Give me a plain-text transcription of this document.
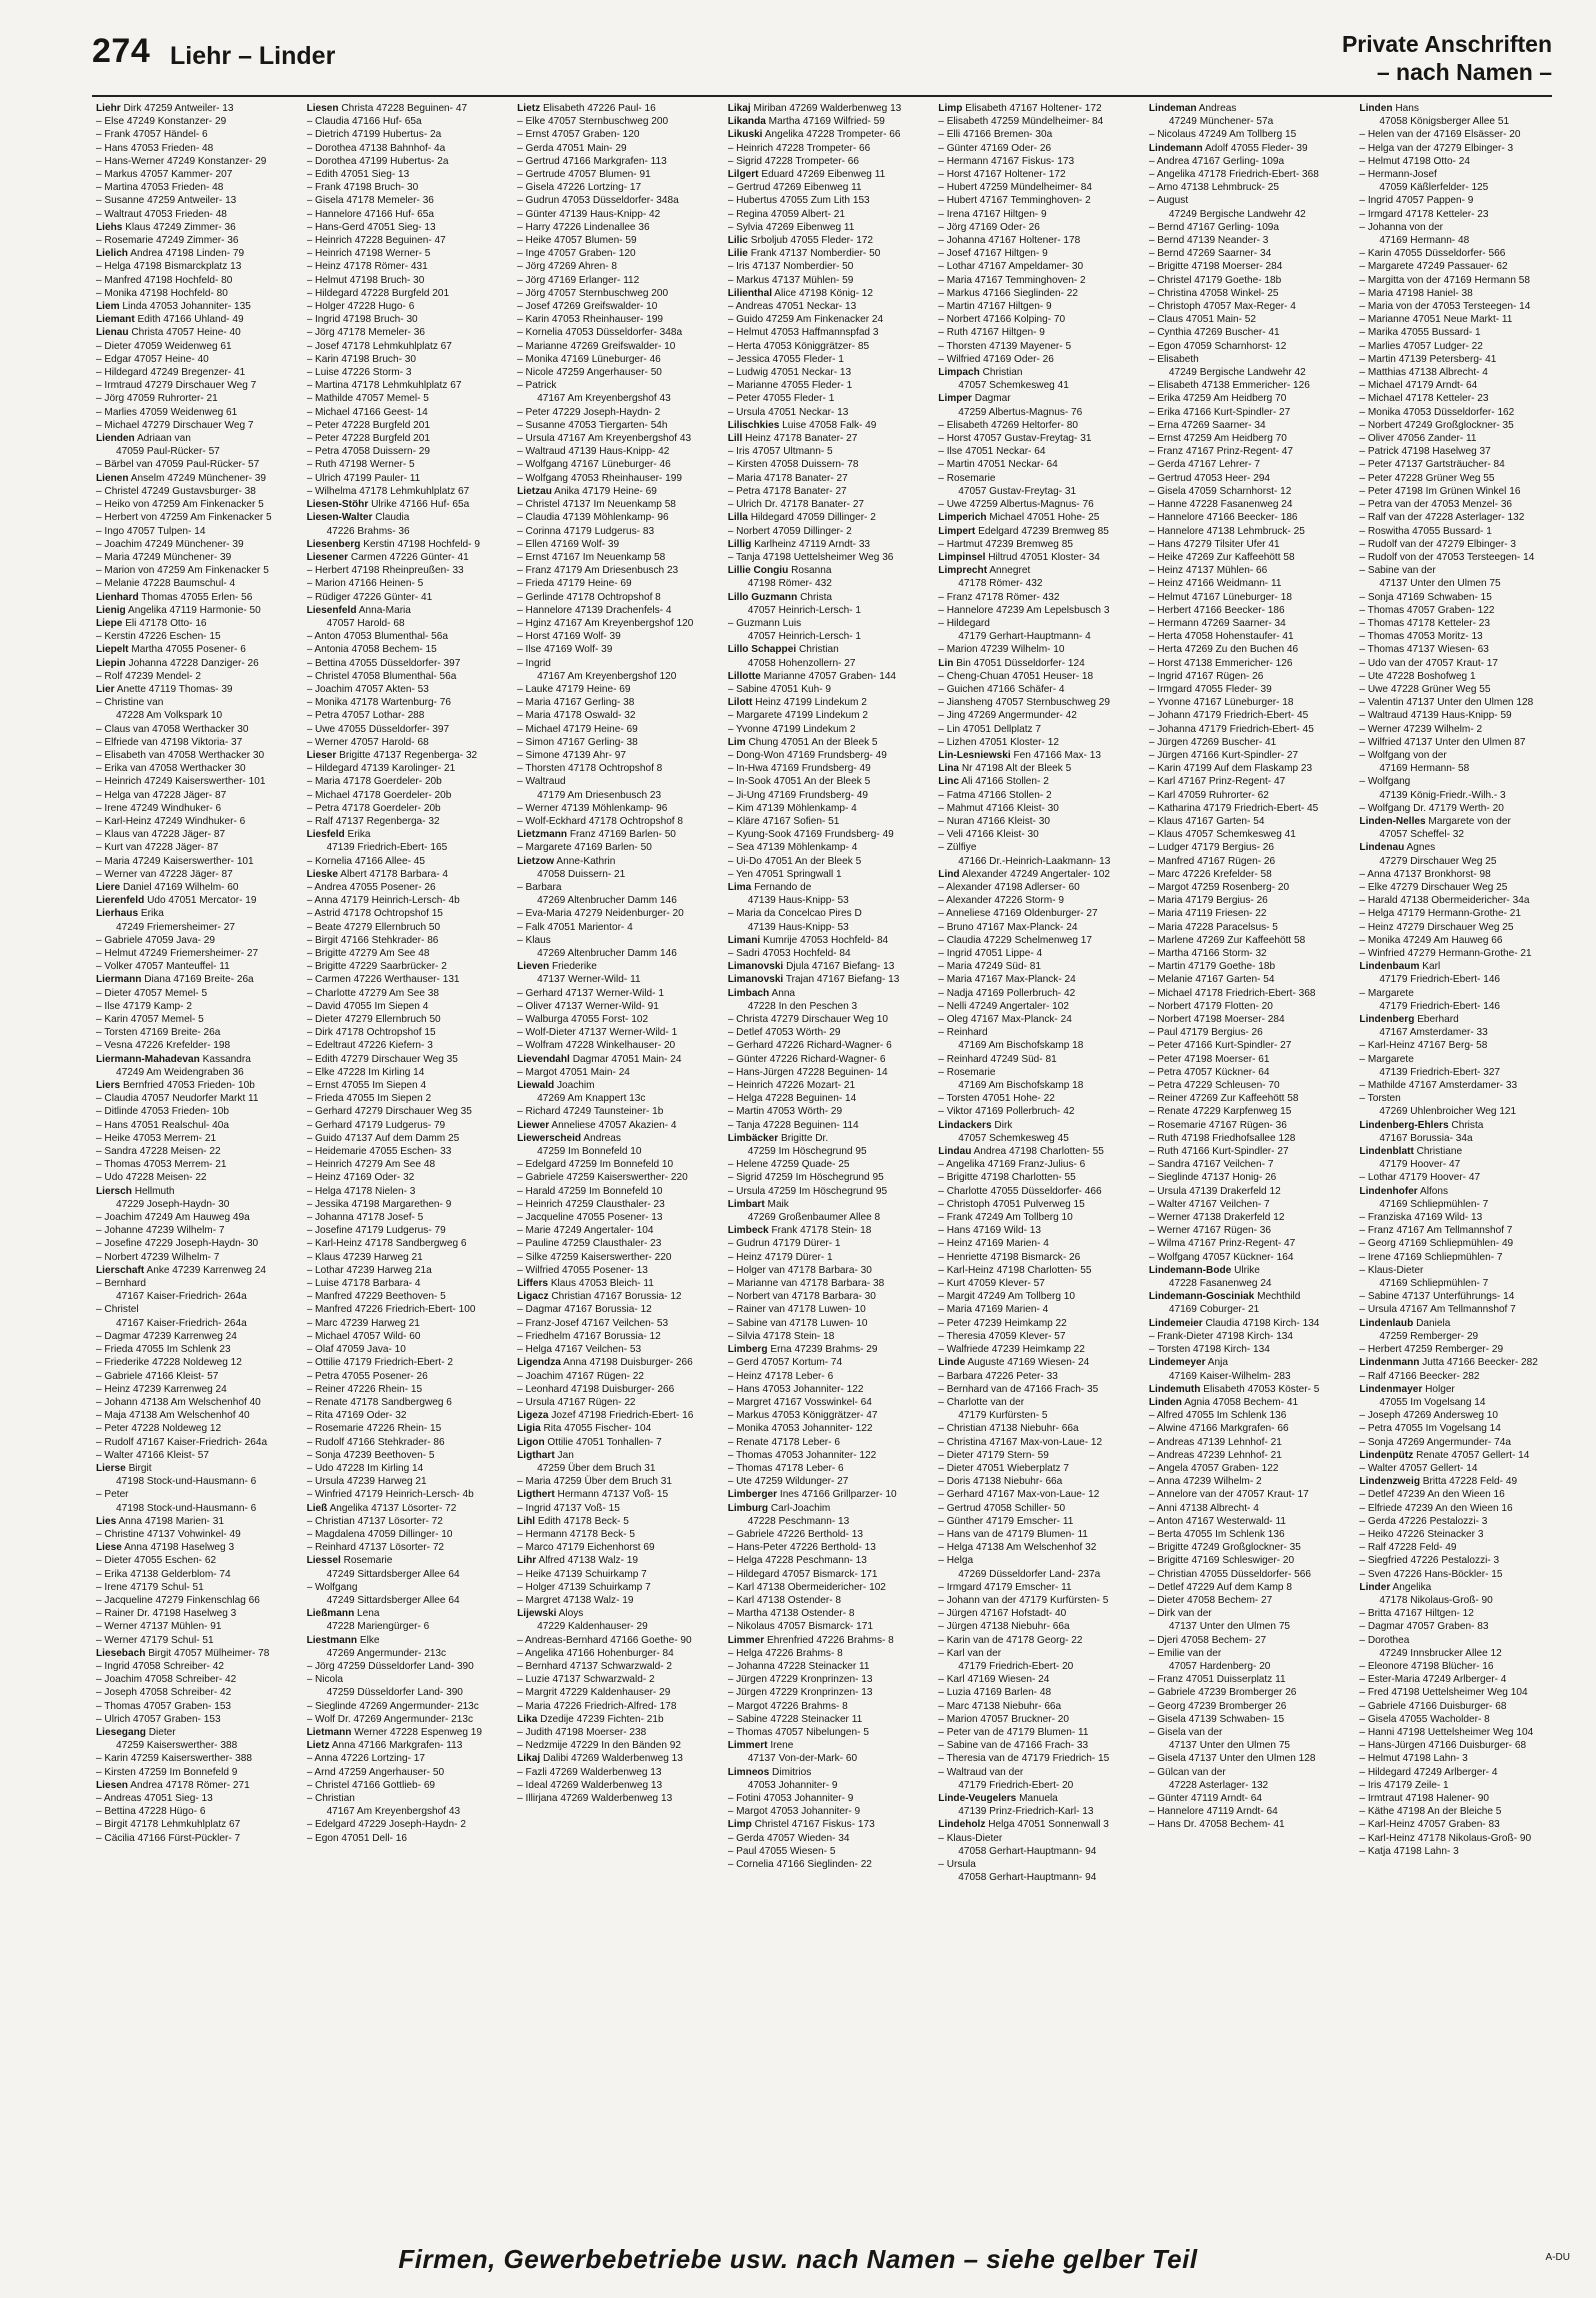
274 Liehr – Linder	Private Anschriften
– nach Namen –
Liehr Dirk 47259 Antweiler- 13
– Else 47249 Konstanzer- 29
– Frank 47057 Händel- 6
– Hans 47053 Frieden- 48
– Hans-Werner 47249 Konstanzer- 29
– Markus 47057 Kammer- 207
– Martina 47053 Frieden- 48
– Susanne 47259 Antweiler- 13
– Waltraut 47053 Frieden- 48
Liehs Klaus 47249 Zimmer- 36
– Rosemarie 47249 Zimmer- 36
Lielich Andrea 47198 Linden- 79
– Helga 47198 Bismarckplatz 13
– Manfred 47198 Hochfeld- 80
– Monika 47198 Hochfeld- 80
Liem Linda 47053 Johanniter- 135
Liemant Edith 47166 Uhland- 49
Lienau Christa 47057 Heine- 40
– Dieter 47059 Weidenweg 61
– Edgar 47057 Heine- 40
– Hildegard 47249 Bregenzer- 41
– Irmtraud 47279 Dirschauer Weg 7
– Jörg 47059 Ruhrorter- 21
– Marlies 47059 Weidenweg 61
– Michael 47279 Dirschauer Weg 7
Lienden Adriaan van
47059 Paul-Rücker- 57
– Bärbel van 47059 Paul-Rücker- 57
Lienen Anselm 47249 Münchener- 39
– Christel 47249 Gustavsburger- 38
– Heiko von 47259 Am Finkenacker 5
– Herbert von 47259 Am Finkenacker 5
– Ingo 47057 Tulpen- 14
– Joachim 47249 Münchener- 39
– Maria 47249 Münchener- 39
– Marion von 47259 Am Finkenacker 5
– Melanie 47228 Baumschul- 4
Lienhard Thomas 47055 Erlen- 56
Lienig Angelika 47119 Harmonie- 50
Liepe Eli 47178 Otto- 16
– Kerstin 47226 Eschen- 15
Liepelt Martha 47055 Posener- 6
Liepin Johanna 47228 Danziger- 26
– Rolf 47239 Mendel- 2
Lier Anette 47119 Thomas- 39
– Christine van
47228 Am Volkspark 10
– Claus van 47058 Werthacker 30
– Elfriede van 47198 Viktoria- 37
– Elisabeth van 47058 Werthacker 30
– Erika van 47058 Werthacker 30
– Heinrich 47249 Kaiserswerther- 101
– Helga van 47228 Jäger- 87
– Irene 47249 Windhuker- 6
– Karl-Heinz 47249 Windhuker- 6
– Klaus van 47228 Jäger- 87
– Kurt van 47228 Jäger- 87
– Maria 47249 Kaiserswerther- 101
– Werner van 47228 Jäger- 87
Liere Daniel 47169 Wilhelm- 60
Lierenfeld Udo 47051 Mercator- 19
Lierhaus Erika
47249 Friemersheimer- 27
– Gabriele 47059 Java- 29
– Helmut 47249 Friemersheimer- 27
– Volker 47057 Manteuffel- 11
Liermann Diana 47169 Breite- 26a
– Dieter 47057 Memel- 5
– Ilse 47179 Kamp- 2
– Karin 47057 Memel- 5
– Torsten 47169 Breite- 26a
– Vesna 47226 Krefelder- 198
Liermann-Mahadevan Kassandra
47249 Am Weidengraben 36
Liers Bernfried 47053 Frieden- 10b
– Claudia 47057 Neudorfer Markt 11
– Ditlinde 47053 Frieden- 10b
– Hans 47051 Realschul- 40a
– Heike 47053 Merrem- 21
– Sandra 47228 Meisen- 22
– Thomas 47053 Merrem- 21
– Udo 47228 Meisen- 22
Liersch Hellmuth
47229 Joseph-Haydn- 30
– Joachim 47249 Am Hauweg 49a
– Johanne 47239 Wilhelm- 7
– Josefine 47229 Joseph-Haydn- 30
– Norbert 47239 Wilhelm- 7
Lierschaft Anke 47239 Karrenweg 24
– Bernhard
47167 Kaiser-Friedrich- 264a
– Christel
47167 Kaiser-Friedrich- 264a
– Dagmar 47239 Karrenweg 24
– Frieda 47055 Im Schlenk 23
– Friederike 47228 Noldeweg 12
– Gabriele 47166 Kleist- 57
– Heinz 47239 Karrenweg 24
– Johann 47138 Am Welschenhof 40
– Maja 47138 Am Welschenhof 40
– Peter 47228 Noldeweg 12
– Rudolf 47167 Kaiser-Friedrich- 264a
– Walter 47166 Kleist- 57
Lierse Birgit
47198 Stock-und-Hausmann- 6
– Peter
47198 Stock-und-Hausmann- 6
Lies Anna 47198 Marien- 31
– Christine 47137 Vohwinkel- 49
Liese Anna 47198 Haselweg 3
– Dieter 47055 Eschen- 62
– Erika 47138 Gelderblom- 74
– Irene 47179 Schul- 51
– Jacqueline 47279 Finkenschlag 66
– Rainer Dr. 47198 Haselweg 3
– Werner 47137 Mühlen- 91
– Werner 47179 Schul- 51
Liesebach Birgit 47057 Mülheimer- 78
– Ingrid 47058 Schreiber- 42
– Joachim 47058 Schreiber- 42
– Joseph 47058 Schreiber- 42
– Thomas 47057 Graben- 153
– Ulrich 47057 Graben- 153
Liesegang Dieter
47259 Kaiserswerther- 388
– Karin 47259 Kaiserswerther- 388
– Kirsten 47259 Im Bonnefeld 9
Liesen Andrea 47178 Römer- 271
– Andreas 47051 Sieg- 13
– Bettina 47228 Hügo- 6
– Birgit 47178 Lehmkuhlplatz 67
– Cäcilia 47166 Fürst-Pückler- 7
Liesen Christa 47228 Beguinen- 47
– Claudia 47166 Huf- 65a
– Dietrich 47199 Hubertus- 2a
– Dorothea 47138 Bahnhof- 4a
– Dorothea 47199 Hubertus- 2a
– Edith 47051 Sieg- 13
– Frank 47198 Bruch- 30
– Gisela 47178 Memeler- 36
– Hannelore 47166 Huf- 65a
– Hans-Gerd 47051 Sieg- 13
– Heinrich 47228 Beguinen- 47
– Heinrich 47198 Werner- 5
– Heinz 47178 Römer- 431
– Helmut 47198 Bruch- 30
– Hildegard 47228 Burgfeld 201
– Holger 47228 Hugo- 6
– Ingrid 47198 Bruch- 30
– Jörg 47178 Memeler- 36
– Josef 47178 Lehmkuhlplatz 67
– Karin 47198 Bruch- 30
– Luise 47226 Storm- 3
– Martina 47178 Lehmkuhlplatz 67
– Mathilde 47057 Memel- 5
– Michael 47166 Geest- 14
– Peter 47228 Burgfeld 201
– Peter 47228 Burgfeld 201
– Petra 47058 Duissern- 29
– Ruth 47198 Werner- 5
– Ulrich 47199 Pauler- 11
– Wilhelma 47178 Lehmkuhlplatz 67
Liesen-Stöhr Ulrike 47166 Huf- 65a
Liesen-Walter Claudia
47226 Brahms- 36
Liesenberg Kerstin 47198 Hochfeld- 9
Liesener Carmen 47226 Günter- 41
– Herbert 47198 Rheinpreußen- 33
– Marion 47166 Heinen- 5
– Rüdiger 47226 Günter- 41
Liesenfeld Anna-Maria
47057 Harold- 68
– Anton 47053 Blumenthal- 56a
– Antonia 47058 Bechem- 15
– Bettina 47055 Düsseldorfer- 397
– Christel 47058 Blumenthal- 56a
– Joachim 47057 Akten- 53
– Monika 47178 Wartenburg- 76
– Petra 47057 Lothar- 288
– Uwe 47055 Düsseldorfer- 397
– Werner 47057 Harold- 68
Lieser Brigitte 47137 Regenberga- 32
– Hildegard 47139 Karolinger- 21
– Maria 47178 Goerdeler- 20b
– Michael 47178 Goerdeler- 20b
– Petra 47178 Goerdeler- 20b
– Ralf 47137 Regenberga- 32
Liesfeld Erika
47139 Friedrich-Ebert- 165
– Kornelia 47166 Allee- 45
Lieske Albert 47178 Barbara- 4
– Andrea 47055 Posener- 26
– Anna 47179 Heinrich-Lersch- 4b
– Astrid 47178 Ochtropshof 15
– Beate 47279 Ellernbruch 50
– Birgit 47166 Stehkrader- 86
– Brigitte 47279 Am See 48
– Brigitte 47229 Saarbrücker- 2
– Carmen 47226 Werthauser- 131
– Charlotte 47279 Am See 38
– David 47055 Im Siepen 4
– Dieter 47279 Ellernbruch 50
– Dirk 47178 Ochtropshof 15
– Edeltraut 47226 Kiefern- 3
– Edith 47279 Dirschauer Weg 35
– Elke 47228 Im Kirling 14
– Ernst 47055 Im Siepen 4
– Frieda 47055 Im Siepen 2
– Gerhard 47279 Dirschauer Weg 35
– Gerhard 47179 Ludgerus- 79
– Guido 47137 Auf dem Damm 25
– Heidemarie 47055 Eschen- 33
– Heinrich 47279 Am See 48
– Heinz 47169 Oder- 32
– Helga 47178 Nielen- 3
– Jessika 47198 Margarethen- 9
– Johanna 47178 Josef- 5
– Josefine 47179 Ludgerus- 79
– Karl-Heinz 47178 Sandbergweg 6
– Klaus 47239 Harweg 21
– Lothar 47239 Harweg 21a
– Luise 47178 Barbara- 4
– Manfred 47229 Beethoven- 5
– Manfred 47226 Friedrich-Ebert- 100
– Marc 47239 Harweg 21
– Michael 47057 Wild- 60
– Olaf 47059 Java- 10
– Ottilie 47179 Friedrich-Ebert- 2
– Petra 47055 Posener- 26
– Reiner 47226 Rhein- 15
– Renate 47178 Sandbergweg 6
– Rita 47169 Oder- 32
– Rosemarie 47226 Rhein- 15
– Rudolf 47166 Stehkrader- 86
– Sonja 47239 Beethoven- 5
– Udo 47228 Im Kirling 14
– Ursula 47239 Harweg 21
– Winfried 47179 Heinrich-Lersch- 4b
Ließ Angelika 47137 Lösorter- 72
– Christian 47137 Lösorter- 72
– Magdalena 47059 Dillinger- 10
– Reinhard 47137 Lösorter- 72
Liessel Rosemarie
47249 Sittardsberger Allee 64
– Wolfgang
47249 Sittardsberger Allee 64
Ließmann Lena
47228 Mariengürger- 6
Liestmann Elke
47269 Angermunder- 213c
– Jörg 47259 Düsseldorfer Land- 390
– Nicola
47259 Düsseldorfer Land- 390
– Sieglinde 47269 Angermunder- 213c
– Wolf Dr. 47269 Angermunder- 213c
Lietmann Werner 47228 Espenweg 19
Lietz Anna 47166 Markgrafen- 113
– Anna 47226 Lortzing- 17
– Arnd 47259 Angerhauser- 50
– Christel 47166 Gottlieb- 69
– Christian
47167 Am Kreyenbergshof 43
– Edelgard 47229 Joseph-Haydn- 2
– Egon 47051 Dell- 16
Lietz Elisabeth 47226 Paul- 16
– Elke 47057 Sternbuschweg 200
– Ernst 47057 Graben- 120
– Gerda 47051 Main- 29
– Gertrud 47166 Markgrafen- 113
– Gertrude 47057 Blumen- 91
– Gisela 47226 Lortzing- 17
– Gudrun 47053 Düsseldorfer- 348a
– Günter 47139 Haus-Knipp- 42
– Harry 47226 Lindenallee 36
– Heike 47057 Blumen- 59
– Inge 47057 Graben- 120
– Jörg 47269 Ahren- 8
– Jörg 47169 Erlanger- 112
– Jörg 47057 Sternbuschweg 200
– Josef 47269 Greifswalder- 10
– Karin 47053 Rheinhauser- 199
– Kornelia 47053 Düsseldorfer- 348a
– Marianne 47269 Greifswalder- 10
– Monika 47169 Lüneburger- 46
– Nicole 47259 Angerhauser- 50
– Patrick
47167 Am Kreyenbergshof 43
– Peter 47229 Joseph-Haydn- 2
– Susanne 47053 Tiergarten- 54h
– Ursula 47167 Am Kreyenbergshof 43
– Waltraud 47139 Haus-Knipp- 42
– Wolfgang 47167 Lüneburger- 46
– Wolfgang 47053 Rheinhauser- 199
Lietzau Anika 47179 Heine- 69
– Christel 47137 Im Neuenkamp 58
– Claudia 47139 Möhlenkamp- 96
– Corinna 47179 Ludgerus- 83
– Ellen 47169 Wolf- 39
– Ernst 47167 Im Neuenkamp 58
– Franz 47179 Am Driesenbusch 23
– Frieda 47179 Heine- 69
– Gerlinde 47178 Ochtropshof 8
– Hannelore 47139 Drachenfels- 4
– Hginz 47167 Am Kreyenbergshof 120
– Horst 47169 Wolf- 39
– Ilse 47169 Wolf- 39
– Ingrid
47167 Am Kreyenbergshof 120
– Lauke 47179 Heine- 69
– Maria 47167 Gerling- 38
– Maria 47178 Oswald- 32
– Michael 47179 Heine- 69
– Simon 47167 Gerling- 38
– Simone 47139 Ahr- 97
– Thorsten 47178 Ochtropshof 8
– Waltraud
47179 Am Driesenbusch 23
– Werner 47139 Möhlenkamp- 96
– Wolf-Eckhard 47178 Ochtropshof 8
Lietzmann Franz 47169 Barlen- 50
– Margarete 47169 Barlen- 50
Lietzow Anne-Kathrin
47058 Duissern- 21
– Barbara
47269 Altenbrucher Damm 146
– Eva-Maria 47279 Neidenburger- 20
– Falk 47051 Marientor- 4
– Klaus
47269 Altenbrucher Damm 146
Lieven Friederike
47137 Werner-Wild- 11
– Gerhard 47137 Werner-Wild- 1
– Oliver 47137 Werner-Wild- 91
– Walburga 47055 Forst- 102
– Wolf-Dieter 47137 Werner-Wild- 1
– Wolfram 47228 Winkelhauser- 20
Lievendahl Dagmar 47051 Main- 24
– Margot 47051 Main- 24
Liewald Joachim
47269 Am Knappert 13c
– Richard 47249 Taunsteiner- 1b
Liewer Anneliese 47057 Akazien- 4
Liewerscheid Andreas
47259 Im Bonnefeld 10
– Edelgard 47259 Im Bonnefeld 10
– Gabriele 47259 Kaiserswerther- 220
– Harald 47259 Im Bonnefeld 10
– Heinrich 47259 Clausthaler- 23
– Jacqueline 47055 Posener- 13
– Marie 47249 Angertaler- 104
– Pauline 47259 Clausthaler- 23
– Silke 47259 Kaiserswerther- 220
– Wilfried 47055 Posener- 13
Liffers Klaus 47053 Bleich- 11
Ligacz Christian 47167 Borussia- 12
– Dagmar 47167 Borussia- 12
– Franz-Josef 47167 Veilchen- 53
– Friedhelm 47167 Borussia- 12
– Helga 47167 Veilchen- 53
Ligendza Anna 47198 Duisburger- 266
– Joachim 47167 Rügen- 22
– Leonhard 47198 Duisburger- 266
– Ursula 47167 Rügen- 22
Ligeza Jozef 47198 Friedrich-Ebert- 16
Ligia Rita 47055 Fischer- 104
Ligon Ottilie 47051 Tonhallen- 7
Ligthart Jan
47259 Über dem Bruch 31
– Maria 47259 Über dem Bruch 31
Ligthert Hermann 47137 Voß- 15
– Ingrid 47137 Voß- 15
Lihl Edith 47178 Beck- 5
– Hermann 47178 Beck- 5
– Marco 47179 Eichenhorst 69
Lihr Alfred 47138 Walz- 19
– Heike 47139 Schuirkamp 7
– Holger 47139 Schuirkamp 7
– Margret 47138 Walz- 19
Lijewski Aloys
47229 Kaldenhauser- 29
– Andreas-Bernhard 47166 Goethe- 90
– Angelika 47166 Hohenburger- 84
– Bernhard 47137 Schwarzwald- 2
– Luzie 47137 Schwarzwald- 2
– Margrit 47229 Kaldenhauser- 29
– Maria 47226 Friedrich-Alfred- 178
Lika Dzedije 47239 Fichten- 21b
– Judith 47198 Moerser- 238
– Nedzmije 47229 In den Bänden 92
Likaj Dalibi 47269 Walderbenweg 13
– Fazli 47269 Walderbenweg 13
– Ideal 47269 Walderbenweg 13
– Illirjana 47269 Walderbenweg 13
Likaj Miriban 47269 Walderbenweg 13
Likanda Martha 47169 Wilfried- 59
Likuski Angelika 47228 Trompeter- 66
– Heinrich 47228 Trompeter- 66
– Sigrid 47228 Trompeter- 66
Lilgert Eduard 47269 Eibenweg 11
– Gertrud 47269 Eibenweg 11
– Hubertus 47055 Zum Lith 153
– Regina 47059 Albert- 21
– Sylvia 47269 Eibenweg 11
Lilic Srboljub 47055 Fleder- 172
Lilie Frank 47137 Nomberdier- 50
– Iris 47137 Nomberdier- 50
– Markus 47137 Mühlen- 59
Lilienthal Alice 47198 König- 12
– Andreas 47051 Neckar- 13
– Guido 47259 Am Finkenacker 24
– Helmut 47053 Haffmannspfad 3
– Herta 47053 Königgrätzer- 85
– Jessica 47055 Fleder- 1
– Ludwig 47051 Neckar- 13
– Marianne 47055 Fleder- 1
– Peter 47055 Fleder- 1
– Ursula 47051 Neckar- 13
Lilischkies Luise 47058 Falk- 49
Lill Heinz 47178 Banater- 27
– Iris 47057 Ultmann- 5
– Kirsten 47058 Duissern- 78
– Maria 47178 Banater- 27
– Petra 47178 Banater- 27
– Ulrich Dr. 47178 Banater- 27
Lilla Hildegard 47059 Dillinger- 2
– Norbert 47059 Dillinger- 2
Lillig Karlheinz 47119 Arndt- 33
– Tanja 47198 Uettelsheimer Weg 36
Lillie Congiu Rosanna
47198 Römer- 432
Lillo Guzmann Christa
47057 Heinrich-Lersch- 1
– Guzmann Luis
47057 Heinrich-Lersch- 1
Lillo Schappei Christian
47058 Hohenzollern- 27
Lillotte Marianne 47057 Graben- 144
– Sabine 47051 Kuh- 9
Lilott Heinz 47199 Lindekum 2
– Margarete 47199 Lindekum 2
– Yvonne 47199 Lindekum 2
Lim Chung 47051 An der Bleek 5
– Dong-Won 47169 Frundsberg- 49
– In-Hwa 47169 Frundsberg- 49
– In-Sook 47051 An der Bleek 5
– Ji-Ung 47169 Frundsberg- 49
– Kim 47139 Möhlenkamp- 4
– Kläre 47167 Sofien- 51
– Kyung-Sook 47169 Frundsberg- 49
– Sea 47139 Möhlenkamp- 4
– Ui-Do 47051 An der Bleek 5
– Yen 47051 Springwall 1
Lima Fernando de
47139 Haus-Knipp- 53
– Maria da Concelcao Pires D
47139 Haus-Knipp- 53
Limani Kumrije 47053 Hochfeld- 84
– Sadri 47053 Hochfeld- 84
Limanovski Djula 47167 Biefang- 13
Limanovski Trajan 47167 Biefang- 13
Limbach Anna
47228 In den Peschen 3
– Christa 47279 Dirschauer Weg 10
– Detlef 47053 Wörth- 29
– Gerhard 47226 Richard-Wagner- 6
– Günter 47226 Richard-Wagner- 6
– Hans-Jürgen 47228 Beguinen- 14
– Heinrich 47226 Mozart- 21
– Helga 47228 Beguinen- 14
– Martin 47053 Wörth- 29
– Tanja 47228 Beguinen- 114
Limbäcker Brigitte Dr.
47259 Im Höschegrund 95
– Helene 47259 Quade- 25
– Sigrid 47259 Im Höschegrund 95
– Ursula 47259 Im Höschegrund 95
Limbart Maik
47269 Großenbaumer Allee 8
Limbeck Frank 47178 Stein- 18
– Gudrun 47179 Dürer- 1
– Heinz 47179 Dürer- 1
– Holger van 47178 Barbara- 30
– Marianne van 47178 Barbara- 38
– Norbert van 47178 Barbara- 30
– Rainer van 47178 Luwen- 10
– Sabine van 47178 Luwen- 10
– Silvia 47178 Stein- 18
Limberg Erna 47239 Brahms- 29
– Gerd 47057 Kortum- 74
– Heinz 47178 Leber- 6
– Hans 47053 Johanniter- 122
– Margret 47167 Vosswinkel- 64
– Markus 47053 Königgrätzer- 47
– Monika 47053 Johanniter- 122
– Renate 47178 Leber- 6
– Thomas 47053 Johanniter- 122
– Thomas 47178 Leber- 6
– Ute 47259 Wildunger- 27
Limberger Ines 47166 Grillparzer- 10
Limburg Carl-Joachim
47228 Peschmann- 13
– Gabriele 47226 Berthold- 13
– Hans-Peter 47226 Berthold- 13
– Helga 47228 Peschmann- 13
– Hildegard 47057 Bismarck- 171
– Karl 47138 Obermeidericher- 102
– Karl 47138 Ostender- 8
– Martha 47138 Ostender- 8
– Nikolaus 47057 Bismarck- 171
Limmer Ehrenfried 47226 Brahms- 8
– Helga 47226 Brahms- 8
– Johanna 47228 Steinacker 11
– Jürgen 47229 Kronprinzen- 13
– Jürgen 47229 Kronprinzen- 13
– Margot 47226 Brahms- 8
– Sabine 47228 Steinacker 11
– Thomas 47057 Nibelungen- 5
Limmert Irene
47137 Von-der-Mark- 60
Limneos Dimitrios
47053 Johanniter- 9
– Fotini 47053 Johanniter- 9
– Margot 47053 Johanniter- 9
Limp Christel 47167 Fiskus- 173
– Gerda 47057 Wieden- 34
– Paul 47055 Wiesen- 5
– Cornelia 47166 Sieglinden- 22
Limp Elisabeth 47167 Holtener- 172
– Elisabeth 47259 Mündelheimer- 84
– Elli 47166 Bremen- 30a
– Günter 47169 Oder- 26
– Hermann 47167 Fiskus- 173
– Horst 47167 Holtener- 172
– Hubert 47259 Mündelheimer- 84
– Hubert 47167 Temminghoven- 2
– Irena 47167 Hiltgen- 9
– Jörg 47169 Oder- 26
– Johanna 47167 Holtener- 178
– Josef 47167 Hiltgen- 9
– Lothar 47167 Ampeldamer- 30
– Maria 47167 Temminghoven- 2
– Markus 47166 Sieglinden- 22
– Martin 47167 Hiltgen- 9
– Norbert 47166 Kolping- 70
– Ruth 47167 Hiltgen- 9
– Thorsten 47139 Mayener- 5
– Wilfried 47169 Oder- 26
Limpach Christian
47057 Schemkesweg 41
Limper Dagmar
47259 Albertus-Magnus- 76
– Elisabeth 47269 Heltorfer- 80
– Horst 47057 Gustav-Freytag- 31
– Ilse 47051 Neckar- 64
– Martin 47051 Neckar- 64
– Rosemarie
47057 Gustav-Freytag- 31
– Uwe 47259 Albertus-Magnus- 76
Limperich Michael 47051 Hohe- 25
Limpert Edelgard 47239 Bremweg 85
– Hartmut 47239 Bremweg 85
Limpinsel Hiltrud 47051 Kloster- 34
Limprecht Annegret
47178 Römer- 432
– Franz 47178 Römer- 432
– Hannelore 47239 Am Lepelsbusch 3
– Hildegard
47179 Gerhart-Hauptmann- 4
– Marion 47239 Wilhelm- 10
Lin Bin 47051 Düsseldorfer- 124
– Cheng-Chuan 47051 Heuser- 18
– Guichen 47166 Schäfer- 4
– Jiansheng 47057 Sternbuschweg 29
– Jing 47269 Angermunder- 42
– Lin 47051 Dellplatz 7
– Lizhen 47051 Kloster- 12
Lin-Lesniewski Fen 47166 Max- 13
Lina Nr 47198 Alt der Bleek 5
Linc Ali 47166 Stollen- 2
– Fatma 47166 Stollen- 2
– Mahmut 47166 Kleist- 30
– Nuran 47166 Kleist- 30
– Veli 47166 Kleist- 30
– Zülfiye
47166 Dr.-Heinrich-Laakmann- 13
Lind Alexander 47249 Angertaler- 102
– Alexander 47198 Adlerser- 60
– Alexander 47226 Storm- 9
– Anneliese 47169 Oldenburger- 27
– Bruno 47167 Max-Planck- 24
– Claudia 47229 Schelmenweg 17
– Ingrid 47051 Lippe- 4
– Maria 47249 Süd- 81
– Maria 47167 Max-Planck- 24
– Nadja 47169 Pollerbruch- 42
– Nelli 47249 Angertaler- 102
– Oleg 47167 Max-Planck- 24
– Reinhard
47169 Am Bischofskamp 18
– Reinhard 47249 Süd- 81
– Rosemarie
47169 Am Bischofskamp 18
– Torsten 47051 Hohe- 22
– Viktor 47169 Pollerbruch- 42
Lindackers Dirk
47057 Schemkesweg 45
Lindau Andrea 47198 Charlotten- 55
– Angelika 47169 Franz-Julius- 6
– Brigitte 47198 Charlotten- 55
– Charlotte 47055 Düsseldorfer- 466
– Christoph 47051 Pulverweg 15
– Frank 47249 Am Tollberg 10
– Hans 47169 Wild- 13
– Heinz 47169 Marien- 4
– Henriette 47198 Bismarck- 26
– Karl-Heinz 47198 Charlotten- 55
– Kurt 47059 Klever- 57
– Margit 47249 Am Tollberg 10
– Maria 47169 Marien- 4
– Peter 47239 Heimkamp 22
– Theresia 47059 Klever- 57
– Walfriede 47239 Heimkamp 22
Linde Auguste 47169 Wiesen- 24
– Barbara 47226 Peter- 33
– Bernhard van de 47166 Frach- 35
– Charlotte van der
47179 Kurfürsten- 5
– Christian 47138 Niebuhr- 66a
– Christina 47167 Max-von-Laue- 12
– Dieter 47179 Stern- 59
– Dieter 47051 Wieberplatz 7
– Doris 47138 Niebuhr- 66a
– Gerhard 47167 Max-von-Laue- 12
– Gertrud 47058 Schiller- 50
– Günther 47179 Emscher- 11
– Hans van de 47179 Blumen- 11
– Helga 47138 Am Welschenhof 32
– Helga
47269 Düsseldorfer Land- 237a
– Irmgard 47179 Emscher- 11
– Johann van der 47179 Kurfürsten- 5
– Jürgen 47167 Hofstadt- 40
– Jürgen 47138 Niebuhr- 66a
– Karin van de 47178 Georg- 22
– Karl van der
47179 Friedrich-Ebert- 20
– Karl 47169 Wiesen- 24
– Luzia 47169 Barlen- 48
– Marc 47138 Niebuhr- 66a
– Marion 47057 Bruckner- 20
– Peter van de 47179 Blumen- 11
– Sabine van de 47166 Frach- 33
– Theresia van de 47179 Friedrich- 15
– Waltraud van der
47179 Friedrich-Ebert- 20
Linde-Veugelers Manuela
47139 Prinz-Friedrich-Karl- 13
Lindeholz Helga 47051 Sonnenwall 3
– Klaus-Dieter
47058 Gerhart-Hauptmann- 94
– Ursula
47058 Gerhart-Hauptmann- 94
Lindeman Andreas
47249 Münchener- 57a
– Nicolaus 47249 Am Tollberg 15
Lindemann Adolf 47055 Fleder- 39
– Andrea 47167 Gerling- 109a
– Angelika 47178 Friedrich-Ebert- 368
– Arno 47138 Lehmbruck- 25
– August
47249 Bergische Landwehr 42
– Bernd 47167 Gerling- 109a
– Bernd 47139 Neander- 3
– Bernd 47269 Saarner- 34
– Brigitte 47198 Moerser- 284
– Christel 47179 Goethe- 18b
– Christina 47058 Winkel- 25
– Christoph 47057 Max-Reger- 4
– Claus 47051 Main- 52
– Cynthia 47269 Buscher- 41
– Egon 47059 Scharnhorst- 12
– Elisabeth
47249 Bergische Landwehr 42
– Elisabeth 47138 Emmericher- 126
– Erika 47259 Am Heidberg 70
– Erika 47166 Kurt-Spindler- 27
– Erna 47269 Saarner- 34
– Ernst 47259 Am Heidberg 70
– Franz 47167 Prinz-Regent- 47
– Gerda 47167 Lehrer- 7
– Gertrud 47053 Heer- 294
– Gisela 47059 Scharnhorst- 12
– Hanne 47228 Fasanenweg 24
– Hannelore 47166 Beecker- 186
– Hannelore 47138 Lehmbruck- 25
– Hans 47279 Tilsiter Ufer 41
– Heike 47269 Zur Kaffeehött 58
– Heinz 47137 Mühlen- 66
– Heinz 47166 Weidmann- 11
– Helmut 47167 Lüneburger- 18
– Herbert 47166 Beecker- 186
– Hermann 47269 Saarner- 34
– Herta 47058 Hohenstaufer- 41
– Herta 47269 Zu den Buchen 46
– Horst 47138 Emmericher- 126
– Ingrid 47167 Rügen- 26
– Irmgard 47055 Fleder- 39
– Yvonne 47167 Lüneburger- 18
– Johann 47179 Friedrich-Ebert- 45
– Johanna 47179 Friedrich-Ebert- 45
– Jürgen 47269 Buscher- 41
– Jürgen 47166 Kurt-Spindler- 27
– Karin 47199 Auf dem Flaskamp 23
– Karl 47167 Prinz-Regent- 47
– Karl 47059 Ruhrorter- 62
– Katharina 47179 Friedrich-Ebert- 45
– Klaus 47167 Garten- 54
– Klaus 47057 Schemkesweg 41
– Ludger 47179 Bergius- 26
– Manfred 47167 Rügen- 26
– Marc 47226 Krefelder- 58
– Margot 47259 Rosenberg- 20
– Maria 47179 Bergius- 26
– Maria 47119 Friesen- 22
– Maria 47228 Paracelsus- 5
– Marlene 47269 Zur Kaffeehött 58
– Martha 47166 Storm- 32
– Martin 47179 Goethe- 18b
– Melanie 47167 Garten- 54
– Michael 47178 Friedrich-Ebert- 368
– Norbert 47179 Flotten- 20
– Norbert 47198 Moerser- 284
– Paul 47179 Bergius- 26
– Peter 47166 Kurt-Spindler- 27
– Peter 47198 Moerser- 61
– Petra 47057 Kückner- 64
– Petra 47229 Schleusen- 70
– Reiner 47269 Zur Kaffeehött 58
– Renate 47229 Karpfenweg 15
– Rosemarie 47167 Rügen- 36
– Ruth 47198 Friedhofsallee 128
– Ruth 47166 Kurt-Spindler- 27
– Sandra 47167 Veilchen- 7
– Sieglinde 47137 Honig- 26
– Ursula 47139 Drakerfeld 12
– Walter 47167 Veilchen- 7
– Werner 47138 Drakerfeld 12
– Werner 47167 Rügen- 36
– Wilma 47167 Prinz-Regent- 47
– Wolfgang 47057 Kückner- 164
Lindemann-Bode Ulrike
47228 Fasanenweg 24
Lindemann-Gosciniak Mechthild
47169 Coburger- 21
Lindemeier Claudia 47198 Kirch- 134
– Frank-Dieter 47198 Kirch- 134
– Torsten 47198 Kirch- 134
Lindemeyer Anja
47169 Kaiser-Wilhelm- 283
Lindemuth Elisabeth 47053 Köster- 5
Linden Agnia 47058 Bechem- 41
– Alfred 47055 Im Schlenk 136
– Alwine 47166 Markgrafen- 66
– Andreas 47139 Lehnhof- 21
– Andreas 47239 Lehnhof- 21
– Angela 47057 Graben- 122
– Anna 47239 Wilhelm- 2
– Annelore van der 47057 Kraut- 17
– Anni 47138 Albrecht- 4
– Anton 47167 Westerwald- 11
– Berta 47055 Im Schlenk 136
– Brigitte 47249 Großglockner- 35
– Brigitte 47169 Schleswiger- 20
– Christian 47055 Düsseldorfer- 566
– Detlef 47229 Auf dem Kamp 8
– Dieter 47058 Bechem- 27
– Dirk van der
47137 Unter den Ulmen 75
– Djeri 47058 Bechem- 27
– Emilie van der
47057 Hardenberg- 20
– Franz 47051 Duisserplatz 11
– Gabriele 47239 Bromberger 26
– Georg 47239 Bromberger 26
– Gisela 47139 Schwaben- 15
– Gisela van der
47137 Unter den Ulmen 75
– Gisela 47137 Unter den Ulmen 128
– Gülcan van der
47228 Asterlager- 132
– Günter 47119 Arndt- 64
– Hannelore 47119 Arndt- 64
– Hans Dr. 47058 Bechem- 41
Linden Hans
47058 Königsberger Allee 51
– Helen van der 47169 Elsässer- 20
– Helga van der 47279 Elbinger- 3
– Helmut 47198 Otto- 24
– Hermann-Josef
47059 Käßlerfelder- 125
– Ingrid 47057 Pappen- 9
– Irmgard 47178 Ketteler- 23
– Johanna von der
47169 Hermann- 48
– Karin 47055 Düsseldorfer- 566
– Margarete 47249 Passauer- 62
– Margitta von der 47169 Hermann 58
– Maria 47198 Haniel- 38
– Maria von der 47053 Tersteegen- 14
– Marianne 47051 Neue Markt- 11
– Marika 47055 Bussard- 1
– Marlies 47057 Ludger- 22
– Martin 47139 Petersberg- 41
– Matthias 47138 Albrecht- 4
– Michael 47179 Arndt- 64
– Michael 47178 Ketteler- 23
– Monika 47053 Düsseldorfer- 162
– Norbert 47249 Großglockner- 35
– Oliver 47056 Zander- 11
– Patrick 47198 Haselweg 37
– Peter 47137 Gartsträucher- 84
– Peter 47228 Grüner Weg 55
– Peter 47198 Im Grünen Winkel 16
– Petra van der 47053 Menzel- 36
– Ralf van der 47228 Asterlager- 132
– Roswitha 47055 Bussard- 1
– Rudolf van der 47279 Elbinger- 3
– Rudolf von der 47053 Tersteegen- 14
– Sabine van der
47137 Unter den Ulmen 75
– Sonja 47169 Schwaben- 15
– Thomas 47057 Graben- 122
– Thomas 47178 Ketteler- 23
– Thomas 47053 Moritz- 13
– Thomas 47137 Wiesen- 63
– Udo van der 47057 Kraut- 17
– Ute 47228 Boshofweg 1
– Uwe 47228 Grüner Weg 55
– Valentin 47137 Unter den Ulmen 128
– Waltraud 47139 Haus-Knipp- 59
– Werner 47239 Wilhelm- 2
– Wilfried 47137 Unter den Ulmen 87
– Wolfgang von der
47169 Hermann- 58
– Wolfgang
47139 König-Friedr.-Wilh.- 3
– Wolfgang Dr. 47179 Werth- 20
Linden-Nelles Margarete von der
47057 Scheffel- 32
Lindenau Agnes
47279 Dirschauer Weg 25
– Anna 47137 Bronkhorst- 98
– Elke 47279 Dirschauer Weg 25
– Harald 47138 Obermeidericher- 34a
– Helga 47179 Hermann-Grothe- 21
– Heinz 47279 Dirschauer Weg 25
– Monika 47249 Am Hauweg 66
– Winfried 47279 Hermann-Grothe- 21
Lindenbaum Karl
47179 Friedrich-Ebert- 146
– Margarete
47179 Friedrich-Ebert- 146
Lindenberg Eberhard
47167 Amsterdamer- 33
– Karl-Heinz 47167 Berg- 58
– Margarete
47139 Friedrich-Ebert- 327
– Mathilde 47167 Amsterdamer- 33
– Torsten
47269 Uhlenbroicher Weg 121
Lindenberg-Ehlers Christa
47167 Borussia- 34a
Lindenblatt Christiane
47179 Hoover- 47
– Lothar 47179 Hoover- 47
Lindenhofer Alfons
47169 Schliepmühlen- 7
– Franziska 47169 Wild- 13
– Franz 47167 Am Tellmannshof 7
– Georg 47169 Schliepmühlen- 49
– Irene 47169 Schliepmühlen- 7
– Klaus-Dieter
47169 Schliepmühlen- 7
– Sabine 47137 Unterführungs- 14
– Ursula 47167 Am Tellmannshof 7
Lindenlaub Daniela
47259 Remberger- 29
– Herbert 47259 Remberger- 29
Lindenmann Jutta 47166 Beecker- 282
– Ralf 47166 Beecker- 282
Lindenmayer Holger
47055 Im Vogelsang 14
– Joseph 47269 Andersweg 10
– Petra 47055 Im Vogelsang 14
– Sonja 47269 Angermunder- 74a
Lindenpütz Renate 47057 Gellert- 14
– Walter 47057 Gellert- 14
Lindenzweig Britta 47228 Feld- 49
– Detlef 47239 An den Wieen 16
– Elfriede 47239 An den Wieen 16
– Gerda 47226 Pestalozzi- 3
– Heiko 47226 Steinacker 3
– Ralf 47228 Feld- 49
– Siegfried 47226 Pestalozzi- 3
– Sven 47226 Hans-Böckler- 15
Linder Angelika
47178 Nikolaus-Groß- 90
– Britta 47167 Hiltgen- 12
– Dagmar 47057 Graben- 83
– Dorothea
47249 Innsbrucker Allee 12
– Eleonore 47198 Blücher- 16
– Ester-Maria 47249 Arlberger- 4
– Fred 47198 Uettelsheimer Weg 104
– Gabriele 47166 Duisburger- 68
– Gisela 47055 Wacholder- 8
– Hanni 47198 Uettelsheimer Weg 104
– Hans-Jürgen 47166 Duisburger- 68
– Helmut 47198 Lahn- 3
– Hildegard 47249 Arlberger- 4
– Iris 47179 Zeile- 1
– Irmtraut 47198 Halener- 90
– Käthe 47198 An der Bleiche 5
– Karl-Heinz 47057 Graben- 83
– Karl-Heinz 47178 Nikolaus-Groß- 90
– Katja 47198 Lahn- 3
Firmen, Gewerbebetriebe usw. nach Namen – siehe gelber Teil	A-DU
